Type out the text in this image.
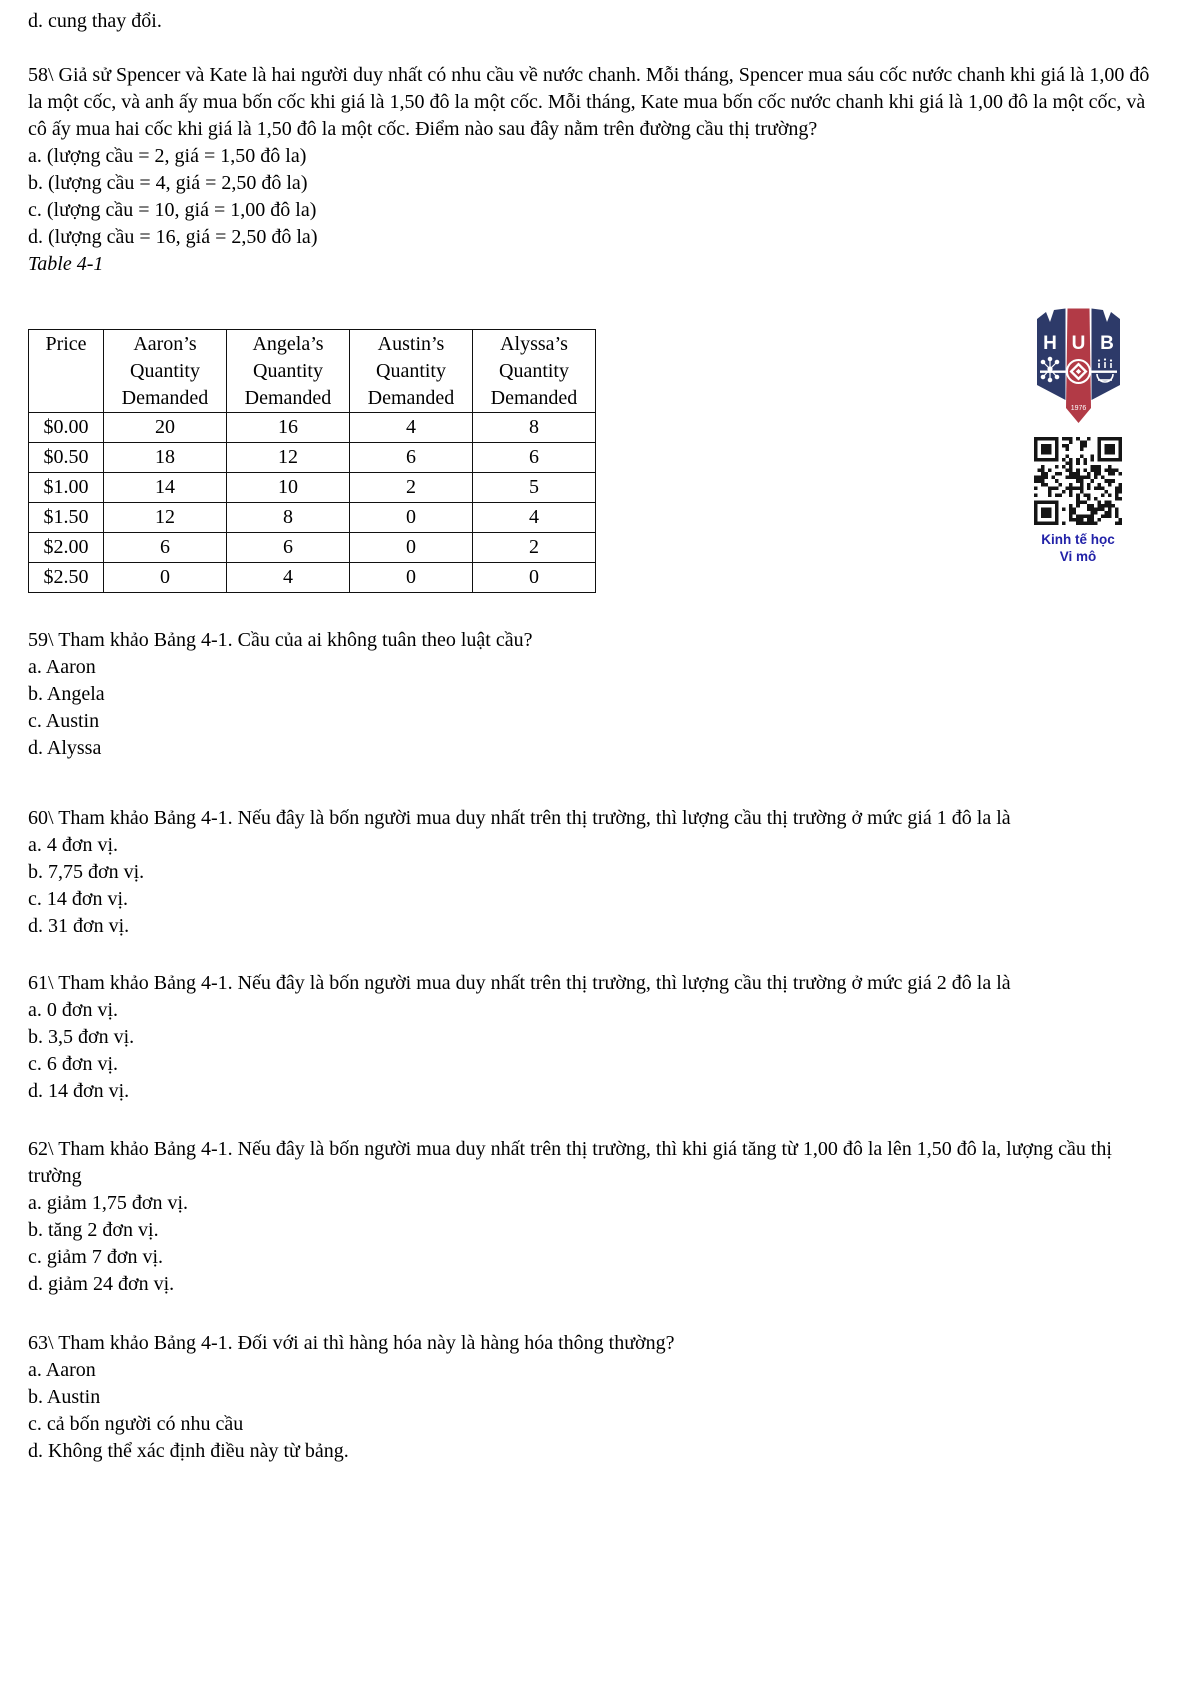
d. cung thay đổi.

58\ Giả sử Spencer và Kate là hai người duy nhất có nhu cầu về nước chanh. Mỗi tháng, Spencer mua sáu cốc nước chanh khi giá là 1,00 đô la một cốc, và anh ấy mua bốn cốc khi giá là 1,50 đô la một cốc. Mỗi tháng, Kate mua bốn cốc nước chanh khi giá là 1,00 đô la một cốc, và cô ấy mua hai cốc khi giá là 1,50 đô la một cốc. Điểm nào sau đây nằm trên đường cầu thị trường?

a. (lượng cầu = 2, giá = 1,50 đô la)

b. (lượng cầu = 4, giá = 2,50 đô la)

c. (lượng cầu = 10, giá = 1,00 đô la)

d. (lượng cầu = 16, giá = 2,50 đô la)

Table 4-1

Price	Aaron’s Quantity Demanded	Angela’s Quantity Demanded	Austin’s Quantity Demanded	Alyssa’s Quantity Demanded
$0.00	20	16	4	8
$0.50	18	12	6	6
$1.00	14	10	2	5
$1.50	12	8	0	4
$2.00	6	6	0	2
$2.50	0	4	0	0

59\ Tham khảo Bảng 4-1. Cầu của ai không tuân theo luật cầu?

a. Aaron

b. Angela

c. Austin

d. Alyssa

60\ Tham khảo Bảng 4-1. Nếu đây là bốn người mua duy nhất trên thị trường, thì lượng cầu thị trường ở mức giá 1 đô la là

a. 4 đơn vị.

b. 7,75 đơn vị.

c. 14 đơn vị.

d. 31 đơn vị.

61\ Tham khảo Bảng 4-1. Nếu đây là bốn người mua duy nhất trên thị trường, thì lượng cầu thị trường ở mức giá 2 đô la là

a. 0 đơn vị.

b. 3,5 đơn vị.

c. 6 đơn vị.

d. 14 đơn vị.

62\ Tham khảo Bảng 4-1. Nếu đây là bốn người mua duy nhất trên thị trường, thì khi giá tăng từ 1,00 đô la lên 1,50 đô la, lượng cầu thị trường

a. giảm 1,75 đơn vị.

b. tăng 2 đơn vị.

c. giảm 7 đơn vị.

d. giảm 24 đơn vị.

63\ Tham khảo Bảng 4-1. Đối với ai thì hàng hóa này là hàng hóa thông thường?

a. Aaron

b. Austin

c. cả bốn người có nhu cầu

d. Không thể xác định điều này từ bảng.

H U B
1976
Kinh tế học
Vi mô
